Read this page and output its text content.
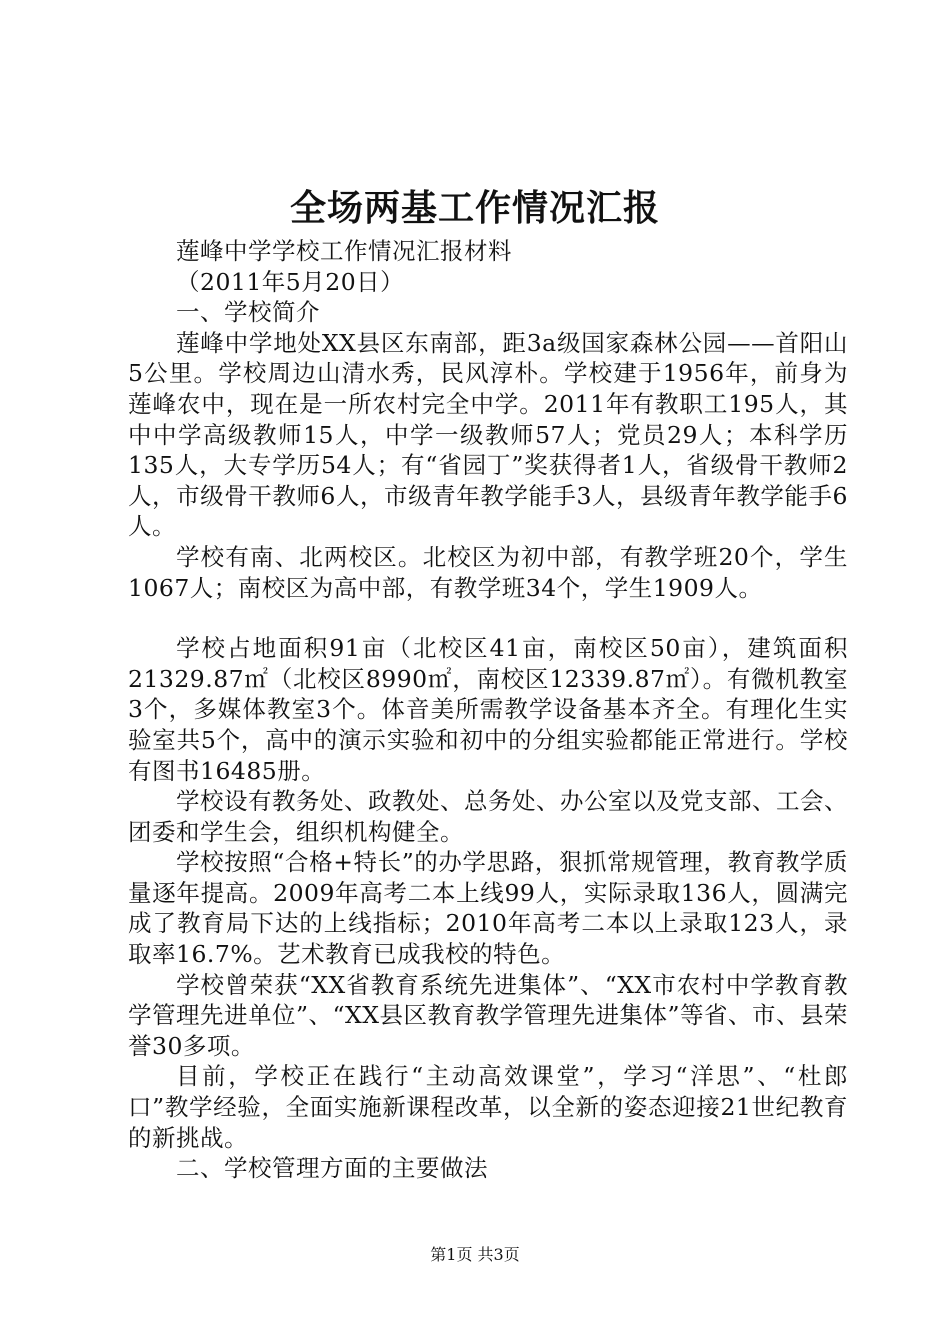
全场两基工作情况汇报

莲峰中学学校工作情况汇报材料

（2011年5月20日）

一、学校简介

莲峰中学地处XX县区东南部，距3a级国家森林公园——首阳山5公里。学校周边山清水秀，民风淳朴。学校建于1956年，前身为莲峰农中，现在是一所农村完全中学。2011年有教职工195人，其中中学高级教师15人，中学一级教师57人；党员29人；本科学历135人，大专学历54人；有“省园丁”奖获得者1人，省级骨干教师2人，市级骨干教师6人，市级青年教学能手3人，县级青年教学能手6人。

学校有南、北两校区。北校区为初中部，有教学班20个，学生1067人；南校区为高中部，有教学班34个，学生1909人。

学校占地面积91亩（北校区41亩，南校区50亩），建筑面积21329.87㎡（北校区8990㎡，南校区12339.87㎡）。有微机教室3个，多媒体教室3个。体音美所需教学设备基本齐全。有理化生实验室共5个，高中的演示实验和初中的分组实验都能正常进行。学校有图书16485册。

学校设有教务处、政教处、总务处、办公室以及党支部、工会、团委和学生会，组织机构健全。

学校按照“合格+特长”的办学思路，狠抓常规管理，教育教学质量逐年提高。2009年高考二本上线99人，实际录取136人，圆满完成了教育局下达的上线指标；2010年高考二本以上录取123人，录取率16.7%。艺术教育已成我校的特色。

学校曾荣获“XX省教育系统先进集体”、“XX市农村中学教育教学管理先进单位”、“XX县区教育教学管理先进集体”等省、市、县荣誉30多项。

目前，学校正在践行“主动高效课堂”，学习“洋思”、“杜郎口”教学经验，全面实施新课程改革，以全新的姿态迎接21世纪教育的新挑战。

二、学校管理方面的主要做法

第1页 共3页
